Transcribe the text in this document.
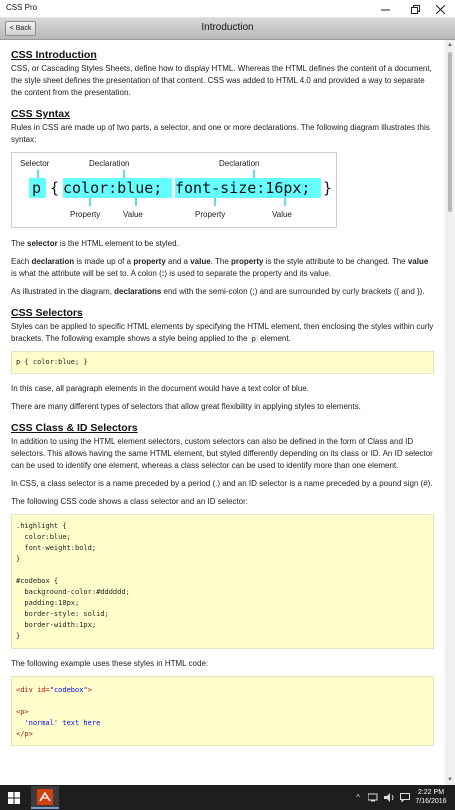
CSS Pro
< Back	Introduction
CSS Introduction

CSS, or Cascading Styles Sheets, define how to display HTML. Whereas the HTML defines the content of a document, the style sheet defines the presentation of that content. CSS was added to HTML 4.0 and provided a way to separate the content from the presentation.

CSS Syntax

Rules in CSS are made up of two parts, a selector, and one or more declarations. The following diagram illustrates this syntax:

Selector	Declaration	Declaration
p { color:blue; font-size:16px; }
Property	Value	Property	Value

The selector is the HTML element to be styled.

Each declaration is made up of a property and a value. The property is the style attribute to be changed. The value is what the attribute will be set to. A colon (:) is used to separate the property and its value.

As illustrated in the diagram, declarations end with the semi-colon (;) and are surrounded by curly brackets ({ and }).

CSS Selectors

Styles can be applied to specific HTML elements by specifying the HTML element, then enclosing the styles within curly brackets. The following example shows a style being applied to the p element.

p { color:blue; }

In this case, all paragraph elements in the document would have a text color of blue.

There are many different types of selectors that allow great flexibility in applying styles to elements.

CSS Class & ID Selectors

In addition to using the HTML element selectors, custom selectors can also be defined in the form of Class and ID selectors. This allows having the same HTML element, but styled differently depending on its class or ID. An ID selector can be used to identify one element, whereas a class selector can be used to identify more than one element.

In CSS, a class selector is a name preceded by a period (.) and an ID selector is a name preceded by a pound sign (#).

The following CSS code shows a class selector and an ID selector:

.highlight {
color:blue;
font-weight:bold;
}

#codebox {
background-color:#dddddd;
padding:10px;
border-style: solid;
border-width:1px;
}

The following example uses these styles in HTML code:

<div id="codebox">

<p>
'normal' text here
</p>
▲
▼
^
2:22 PM
7/16/2016
